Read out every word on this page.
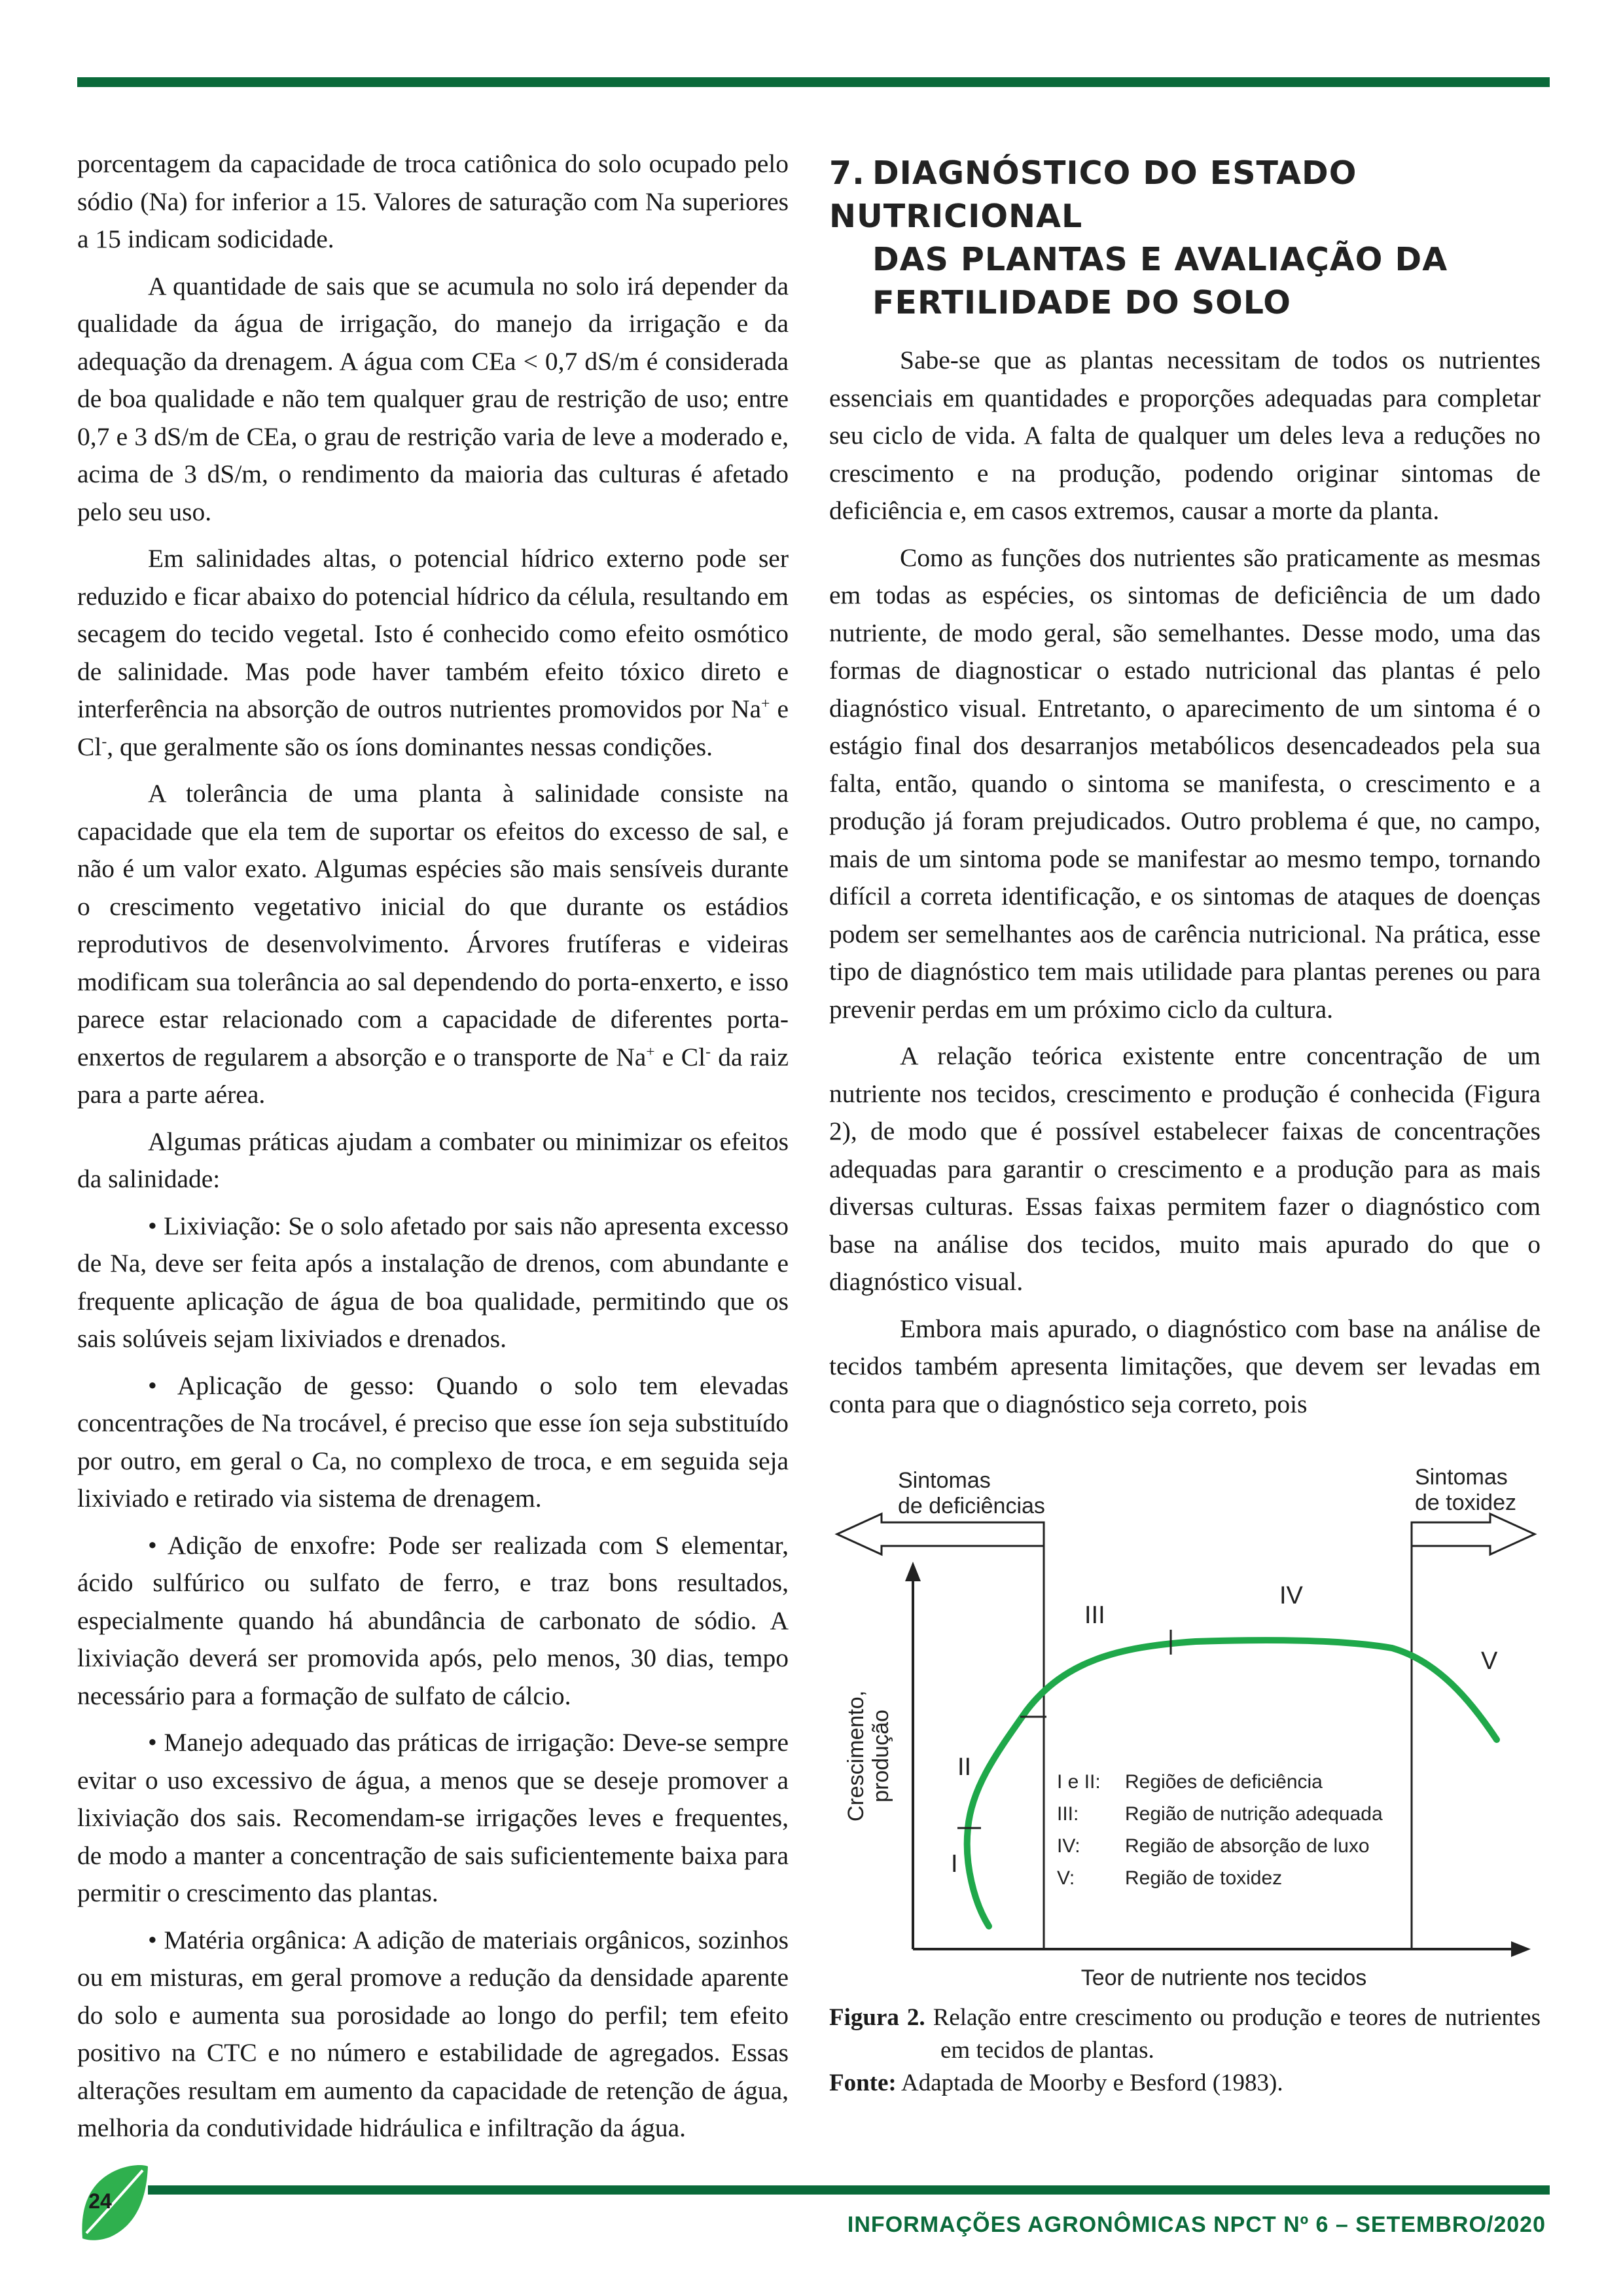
porcentagem da capacidade de troca catiônica do solo ocupado pelo sódio (Na) for inferior a 15. Valores de saturação com Na superiores a 15 indicam sodicidade.

A quantidade de sais que se acumula no solo irá depender da qualidade da água de irrigação, do manejo da irrigação e da adequação da drenagem. A água com CEa < 0,7 dS/m é considerada de boa qualidade e não tem qualquer grau de restrição de uso; entre 0,7 e 3 dS/m de CEa, o grau de restrição varia de leve a moderado e, acima de 3 dS/m, o rendimento da maioria das culturas é afetado pelo seu uso.

Em salinidades altas, o potencial hídrico externo pode ser reduzido e ficar abaixo do potencial hídrico da célula, resultando em secagem do tecido vegetal. Isto é conhecido como efeito osmótico de salinidade. Mas pode haver também efeito tóxico direto e interferência na absorção de outros nutrientes promovidos por Na+ e Cl-, que geralmente são os íons dominantes nessas condições.

A tolerância de uma planta à salinidade consiste na capacidade que ela tem de suportar os efeitos do excesso de sal, e não é um valor exato. Algumas espécies são mais sensíveis durante o crescimento vegetativo inicial do que durante os estádios reprodutivos de desenvolvimento. Árvores frutíferas e videiras modificam sua tolerância ao sal dependendo do porta-enxerto, e isso parece estar relacionado com a capacidade de diferentes porta-enxertos de regularem a absorção e o transporte de Na+ e Cl- da raiz para a parte aérea.

Algumas práticas ajudam a combater ou minimizar os efeitos da salinidade:

• Lixiviação: Se o solo afetado por sais não apresenta excesso de Na, deve ser feita após a instalação de drenos, com abundante e frequente aplicação de água de boa qualidade, permitindo que os sais solúveis sejam lixiviados e drenados.

• Aplicação de gesso: Quando o solo tem elevadas concentrações de Na trocável, é preciso que esse íon seja substituído por outro, em geral o Ca, no complexo de troca, e em seguida seja lixiviado e retirado via sistema de drenagem.

• Adição de enxofre: Pode ser realizada com S elementar, ácido sulfúrico ou sulfato de ferro, e traz bons resultados, especialmente quando há abundância de carbonato de sódio. A lixiviação deverá ser promovida após, pelo menos, 30 dias, tempo necessário para a formação de sulfato de cálcio.

• Manejo adequado das práticas de irrigação: Deve-se sempre evitar o uso excessivo de água, a menos que se deseje promover a lixiviação dos sais. Recomendam-se irrigações leves e frequentes, de modo a manter a concentração de sais suficientemente baixa para permitir o crescimento das plantas.

• Matéria orgânica: A adição de materiais orgânicos, sozinhos ou em misturas, em geral promove a redução da densidade aparente do solo e aumenta sua porosidade ao longo do perfil; tem efeito positivo na CTC e no número e estabilidade de agregados. Essas alterações resultam em aumento da capacidade de retenção de água, melhoria da condutividade hidráulica e infiltração da água.

7. DIAGNÓSTICO DO ESTADO NUTRICIONAL
DAS PLANTAS E AVALIAÇÃO DA
FERTILIDADE DO SOLO

Sabe-se que as plantas necessitam de todos os nutrientes essenciais em quantidades e proporções adequadas para completar seu ciclo de vida. A falta de qualquer um deles leva a reduções no crescimento e na produção, podendo originar sintomas de deficiência e, em casos extremos, causar a morte da planta.

Como as funções dos nutrientes são praticamente as mesmas em todas as espécies, os sintomas de deficiência de um dado nutriente, de modo geral, são semelhantes. Desse modo, uma das formas de diagnosticar o estado nutricional das plantas é pelo diagnóstico visual. Entretanto, o aparecimento de um sintoma é o estágio final dos desarranjos metabólicos desencadeados pela sua falta, então, quando o sintoma se manifesta, o crescimento e a produção já foram prejudicados. Outro problema é que, no campo, mais de um sintoma pode se manifestar ao mesmo tempo, tornando difícil a correta identificação, e os sintomas de ataques de doenças podem ser semelhantes aos de carência nutricional. Na prática, esse tipo de diagnóstico tem mais utilidade para plantas perenes ou para prevenir perdas em um próximo ciclo da cultura.

A relação teórica existente entre concentração de um nutriente nos tecidos, crescimento e produção é conhecida (Figura 2), de modo que é possível estabelecer faixas de concentrações adequadas para garantir o crescimento e a produção para as mais diversas culturas. Essas faixas permitem fazer o diagnóstico com base na análise dos tecidos, muito mais apurado do que o diagnóstico visual.

Embora mais apurado, o diagnóstico com base na análise de tecidos também apresenta limitações, que devem ser levadas em conta para que o diagnóstico seja correto, pois

Sintomas
de deficiências
Sintomas
de toxidez
Crescimento, produção
Teor de nutriente nos tecidos
I
II
III
IV
V
I e II: Regiões de deficiência
III: Região de nutrição adequada
IV: Região de absorção de luxo
V:	Região de toxidez
Figura 2. Relação entre crescimento ou produção e teores de nutrientes em tecidos de plantas.
Fonte: Adaptada de Moorby e Besford (1983).
24
INFORMAÇÕES AGRONÔMICAS NPCT Nº 6 – SETEMBRO/2020
